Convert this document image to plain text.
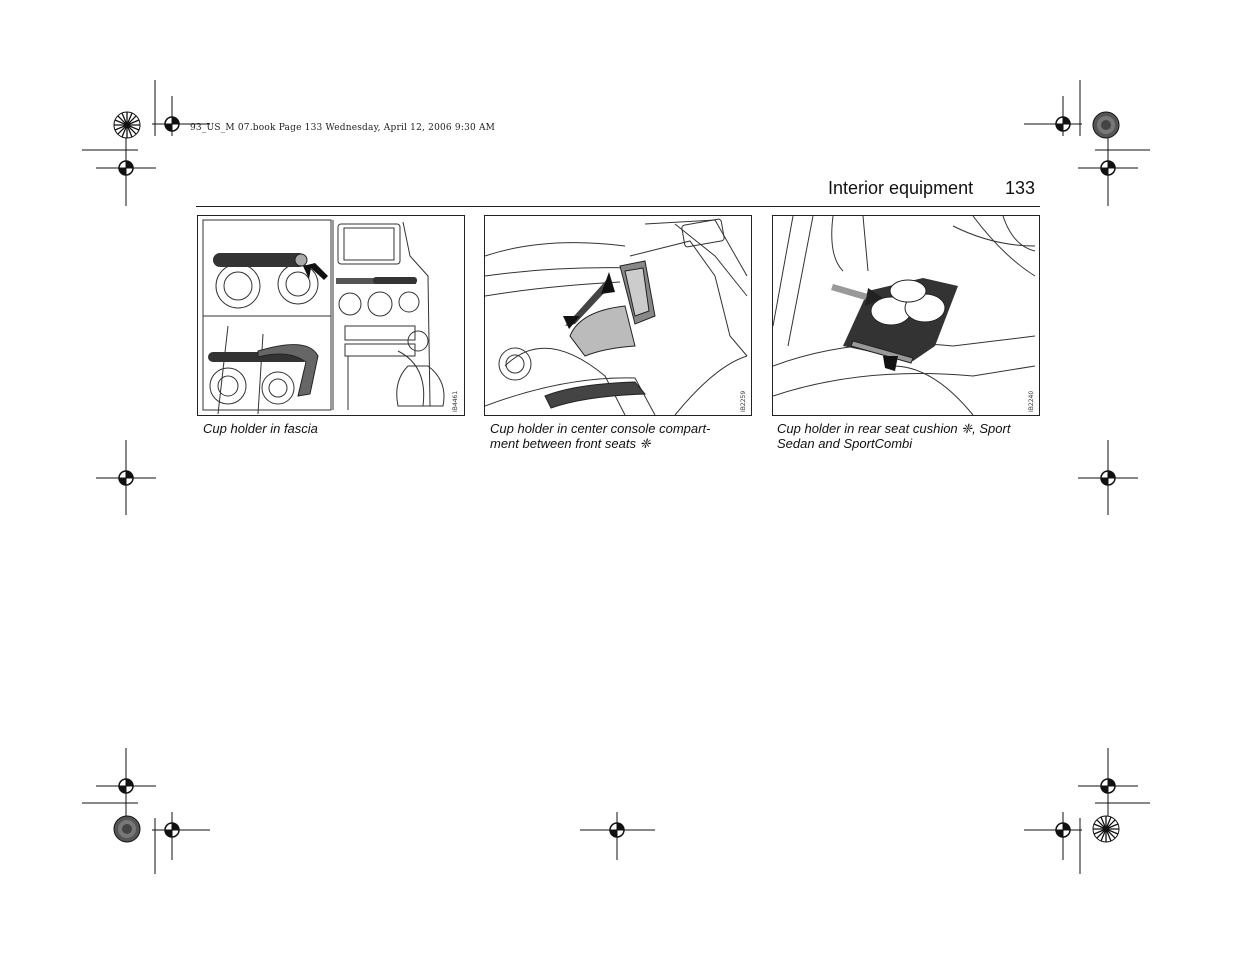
93_US_M 07.book Page 133 Wednesday, April 12, 2006 9:30 AM
Interior equipment 133
IB4461
Cup holder in fascia
IB2259
Cup holder in center console compart-
ment between front seats ❈
IB2240
Cup holder in rear seat cushion ❈, Sport
Sedan and SportCombi
